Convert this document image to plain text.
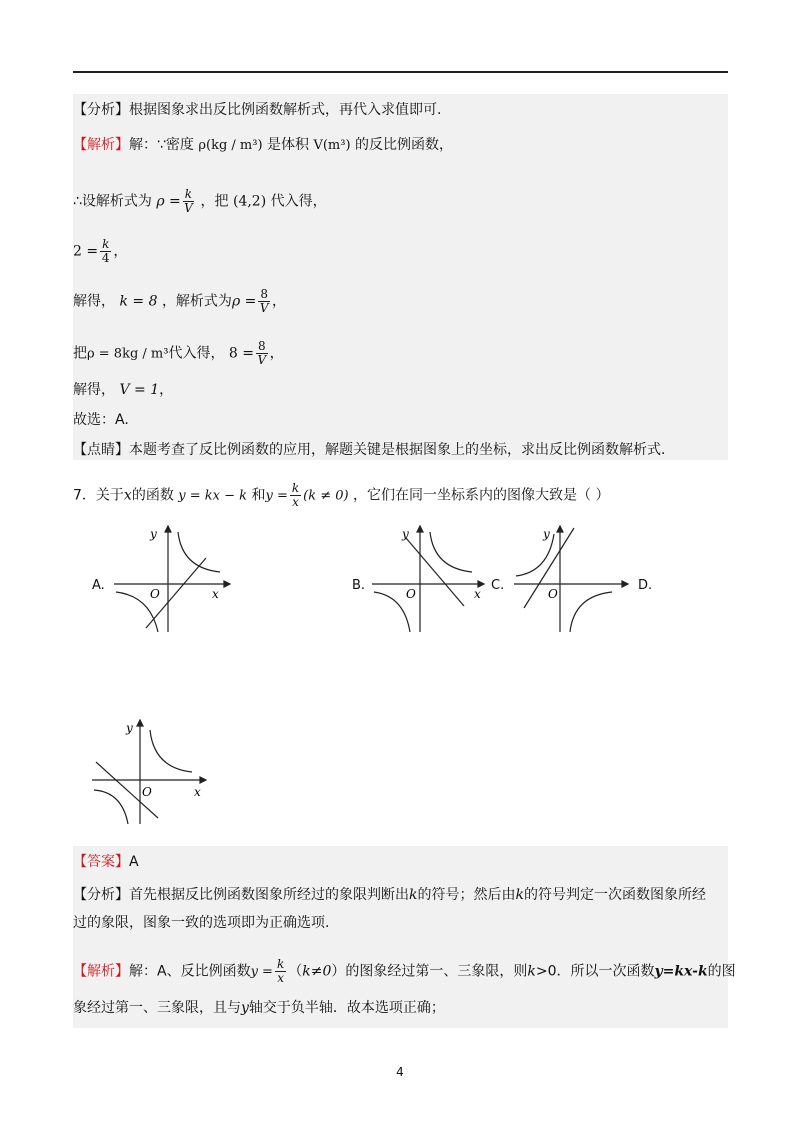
【分析】根据图象求出反比例函数解析式，再代入求值即可.
【解析】解：∵密度 ρ(kg / m³) 是体积 V(m³) 的反比例函数，
∴设解析式为 $\rho = \frac{k}{V}$ ，把 (4,2) 代入得，
$2 = \frac{k}{4}$ ，
解得， k = 8 ，解析式为$\rho = \frac{8}{V}$ ，
把ρ = 8kg / m³代入得， $8 = \frac{8}{V}$ ，
解得， V = 1，
故选：A.
【点睛】本题考查了反比例函数的应用，解题关键是根据图象上的坐标，求出反比例函数解析式.
7．关于x的函数 y = kx − k 和$y = \frac{k}{x} (k \ne 0)$ ，它们在同一坐标系内的图像大致是（ ）
A.	B.	C.	D.
y
x
O
y
x
O
y
O
y
x
O
【答案】A
【分析】首先根据反比例函数图象所经过的象限判断出k的符号；然后由k的符号判定一次函数图象所经
过的象限，图象一致的选项即为正确选项.
【解析】解：A、反比例函数$y = \frac{k}{x} (k\ne 0)$的图象经过第一、三象限，则k>0．所以一次函数y=kx-k的图
象经过第一、三象限，且与y轴交于负半轴．故本选项正确；
4
